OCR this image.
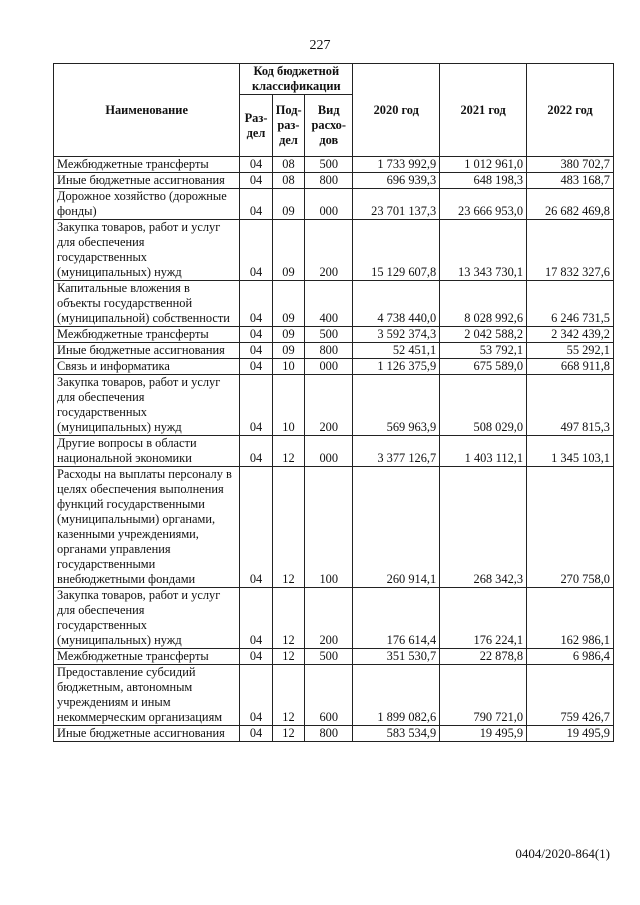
227
Наименование	Код бюджетной классификации			2020 год	2021 год	2022 год
	Раз-дел	Под-раз-дел	Вид расхо-дов			
Межбюджетные трансферты	04	08	500	1 733 992,9	1 012 961,0	380 702,7
Иные бюджетные ассигнования	04	08	800	696 939,3	648 198,3	483 168,7
Дорожное хозяйство (дорожные фонды)	04	09	000	23 701 137,3	23 666 953,0	26 682 469,8
Закупка товаров, работ и услуг для обеспечения государственных (муниципальных) нужд	04	09	200	15 129 607,8	13 343 730,1	17 832 327,6
Капитальные вложения в объекты государственной (муниципальной) собственности	04	09	400	4 738 440,0	8 028 992,6	6 246 731,5
Межбюджетные трансферты	04	09	500	3 592 374,3	2 042 588,2	2 342 439,2
Иные бюджетные ассигнования	04	09	800	52 451,1	53 792,1	55 292,1
Связь и информатика	04	10	000	1 126 375,9	675 589,0	668 911,8
Закупка товаров, работ и услуг для обеспечения государственных (муниципальных) нужд	04	10	200	569 963,9	508 029,0	497 815,3
Другие вопросы в области национальной экономики	04	12	000	3 377 126,7	1 403 112,1	1 345 103,1
Расходы на выплаты персоналу в целях обеспечения выполнения функций государственными (муниципальными) органами, казенными учреждениями, органами управления государственными внебюджетными фондами	04	12	100	260 914,1	268 342,3	270 758,0
Закупка товаров, работ и услуг для обеспечения государственных (муниципальных) нужд	04	12	200	176 614,4	176 224,1	162 986,1
Межбюджетные трансферты	04	12	500	351 530,7	22 878,8	6 986,4
Предоставление субсидий бюджетным, автономным учреждениям и иным некоммерческим организациям	04	12	600	1 899 082,6	790 721,0	759 426,7
Иные бюджетные ассигнования	04	12	800	583 534,9	19 495,9	19 495,9
0404/2020-864(1)
